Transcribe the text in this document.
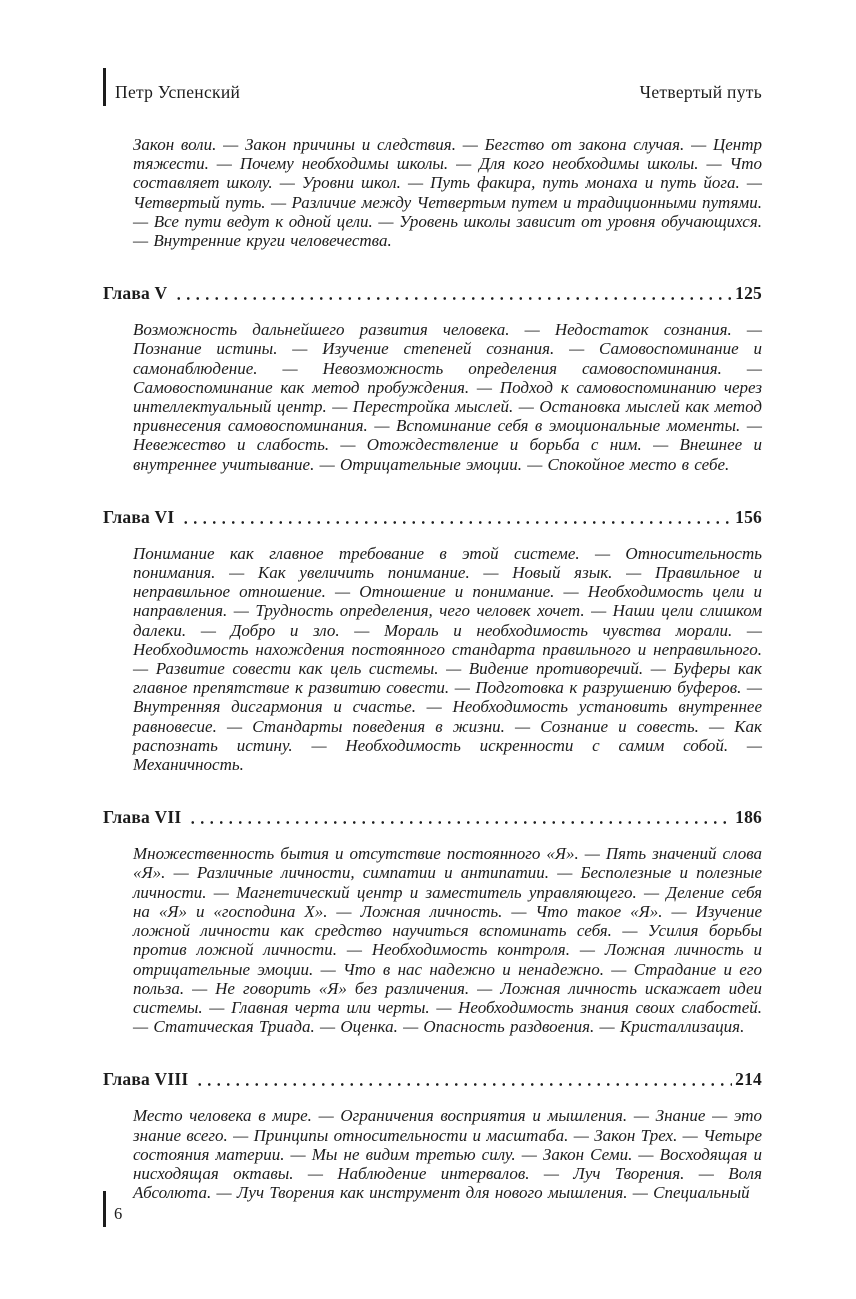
Петр Успенский	Четвертый путь

Закон воли. — Закон причины и следствия. — Бегство от закона случая. — Центр тяжести. — Почему необходимы школы. — Для кого необходимы школы. — Что составляет школу. — Уровни школ. — Путь факира, путь монаха и путь йога. — Четвертый путь. — Различие между Четвертым путем и традиционными путями. — Все пути ведут к одной цели. — Уровень школы зависит от уровня обучающихся. — Внутренние круги человечества.

Глава V	125

Возможность дальнейшего развития человека. — Недостаток сознания. — Познание истины. — Изучение степеней сознания. — Самовоспоминание и самонаблюдение. — Невозможность определения самовоспоминания. — Самовоспоминание как метод пробуждения. — Подход к самовоспоминанию через интеллектуальный центр. — Перестройка мыслей. — Остановка мыслей как метод привнесения самовоспоминания. — Вспоминание себя в эмоциональные моменты. — Невежество и слабость. — Отождествление и борьба с ним. — Внешнее и внутреннее учитывание. — Отрицательные эмоции. — Спокойное место в себе.

Глава VI	156

Понимание как главное требование в этой системе. — Относительность понимания. — Как увеличить понимание. — Новый язык. — Правильное и неправильное отношение. — Отношение и понимание. — Необходимость цели и направления. — Трудность определения, чего человек хочет. — Наши цели слишком далеки. — Добро и зло. — Мораль и необходимость чувства морали. — Необходимость нахождения постоянного стандарта правильного и неправильного. — Развитие совести как цель системы. — Видение противоречий. — Буферы как главное препятствие к развитию совести. — Подготовка к разрушению буферов. — Внутренняя дисгармония и счастье. — Необходимость установить внутреннее равновесие. — Стандарты поведения в жизни. — Сознание и совесть. — Как распознать истину. — Необходимость искренности с самим собой. — Механичность.

Глава VII	186

Множественность бытия и отсутствие постоянного «Я». — Пять значений слова «Я». — Различные личности, симпатии и антипатии. — Бесполезные и полезные личности. — Магнетический центр и заместитель управляющего. — Деление себя на «Я» и «господина Х». — Ложная личность. — Что такое «Я». — Изучение ложной личности как средство научиться вспоминать себя. — Усилия борьбы против ложной личности. — Необходимость контроля. — Ложная личность и отрицательные эмоции. — Что в нас надежно и ненадежно. — Страдание и его польза. — Не говорить «Я» без различения. — Ложная личность искажает идеи системы. — Главная черта или черты. — Необходимость знания своих слабостей. — Статическая Триада. — Оценка. — Опасность раздвоения. — Кристаллизация.

Глава VIII	214

Место человека в мире. — Ограничения восприятия и мышления. — Знание — это знание всего. — Принципы относительности и масштаба. — Закон Трех. — Четыре состояния материи. — Мы не видим третью силу. — Закон Семи. — Восходящая и нисходящая октавы. — Наблюдение интервалов. — Луч Творения. — Воля Абсолюта. — Луч Творения как инструмент для нового мышления. — Специальный

6
